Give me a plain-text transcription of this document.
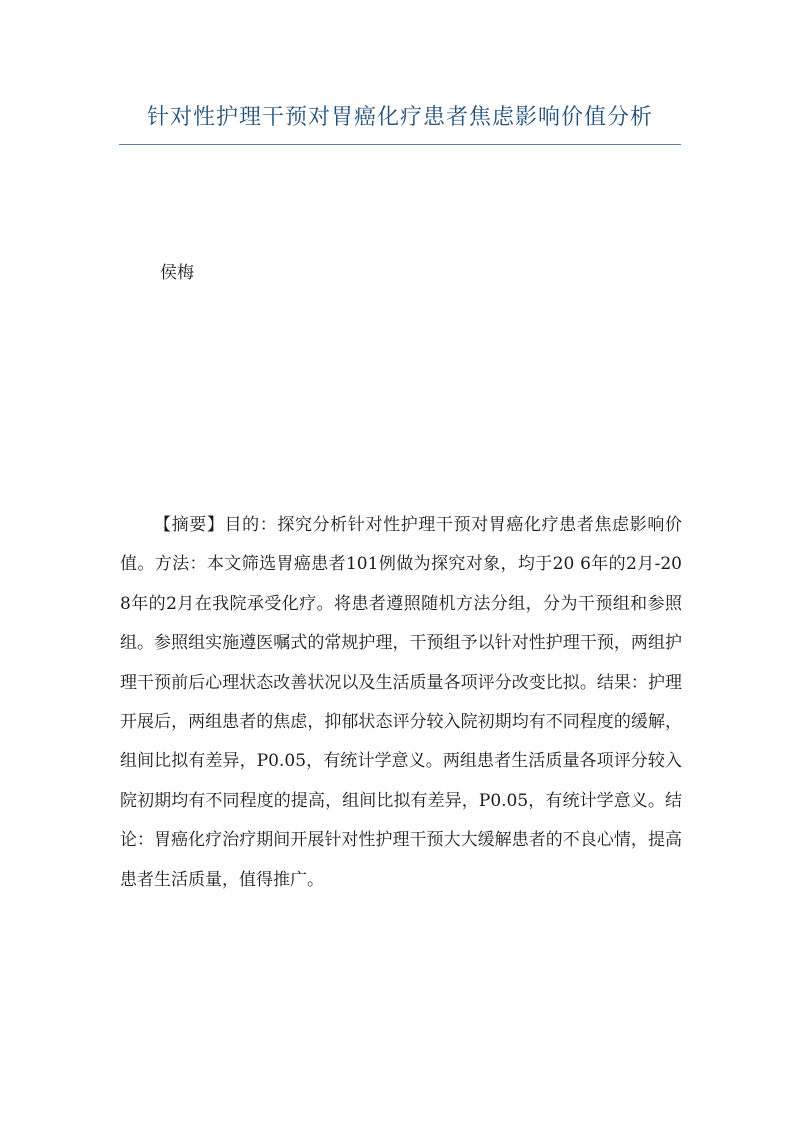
针对性护理干预对胃癌化疗患者焦虑影响价值分析

侯梅

【摘要】目的：探究分析针对性护理干预对胃癌化疗患者焦虑影响价值。方法：本文筛选胃癌患者101例做为探究对象，均于20 6年的2月-20 8年的2月在我院承受化疗。将患者遵照随机方法分组，分为干预组和参照组。参照组实施遵医嘱式的常规护理，干预组予以针对性护理干预，两组护理干预前后心理状态改善状况以及生活质量各项评分改变比拟。结果：护理开展后，两组患者的焦虑，抑郁状态评分较入院初期均有不同程度的缓解，组间比拟有差异，P0.05，有统计学意义。两组患者生活质量各项评分较入院初期均有不同程度的提高，组间比拟有差异，P0.05，有统计学意义。结论：胃癌化疗治疗期间开展针对性护理干预大大缓解患者的不良心情，提高患者生活质量，值得推广。
